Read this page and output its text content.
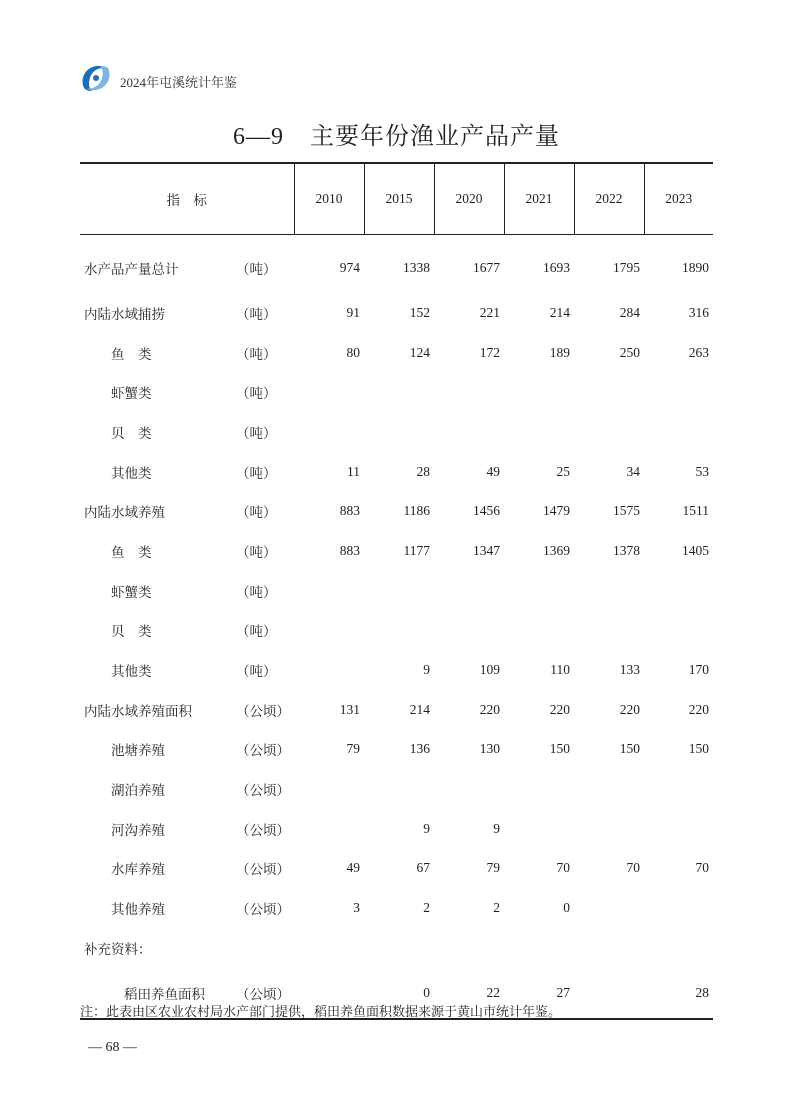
2024年屯溪统计年鉴
6—9 主要年份渔业产品产量
指　标	2010	2015	2020	2021	2022	2023
水产品产量总计 （吨）	974	1338	1677	1693	1795	1890
内陆水域捕捞 （吨）	91	152	221	214	284	316
鱼　类 （吨）	80	124	172	189	250	263
虾蟹类 （吨）						
贝　类 （吨）						
其他类 （吨）	11	28	49	25	34	53
内陆水域养殖 （吨）	883	1186	1456	1479	1575	1511
鱼　类 （吨）	883	1177	1347	1369	1378	1405
虾蟹类 （吨）						
贝　类 （吨）						
其他类 （吨）		9	109	110	133	170
内陆水域养殖面积 （公顷）	131	214	220	220	220	220
池塘养殖 （公顷）	79	136	130	150	150	150
湖泊养殖 （公顷）						
河沟养殖 （公顷）		9	9			
水库养殖 （公顷）	49	67	79	70	70	70
其他养殖 （公顷）	3	2	2	0		
补充资料：						
稻田养鱼面积 （公顷）		0	22	27		28
注：此表由区农业农村局水产部门提供，稻田养鱼面积数据来源于黄山市统计年鉴。
— 68 —
